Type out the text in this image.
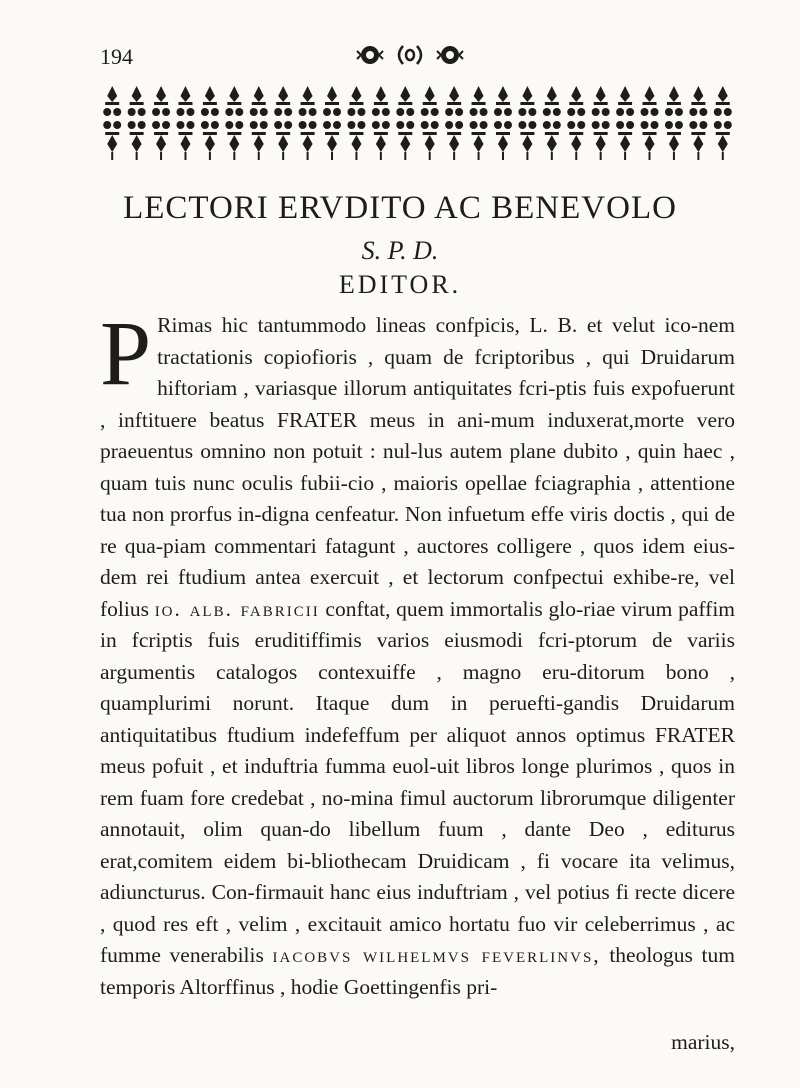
194
LECTORI ERVDITO AC BENEVOLO
S. P. D.
EDITOR.

P Rimas hic tantummodo lineas confpicis, L. B. et velut ico-nem tractationis copiofioris , quam de fcriptoribus , qui Druidarum hiftoriam , variasque illorum antiquitates fcri-ptis fuis expofuerunt , inftituere beatus FRATER meus in ani-mum induxerat,morte vero praeuentus omnino non potuit : nul-lus autem plane dubito , quin haec , quam tuis nunc oculis fubii-cio , maioris opellae fciagraphia , attentione tua non prorfus in-digna cenfeatur. Non infuetum effe viris doctis , qui de re qua-piam commentari fatagunt , auctores colligere , quos idem eius-dem rei ftudium antea exercuit , et lectorum confpectui exhibe-re, vel folius io. alb. fabricii conftat, quem immortalis glo-riae virum paffim in fcriptis fuis eruditiffimis varios eiusmodi fcri-ptorum de variis argumentis catalogos contexuiffe , magno eru-ditorum bono , quamplurimi norunt. Itaque dum in peruefti-gandis Druidarum antiquitatibus ftudium indefeffum per aliquot annos optimus FRATER meus pofuit , et induftria fumma euol-uit libros longe plurimos , quos in rem fuam fore credebat , no-mina fimul auctorum librorumque diligenter annotauit, olim quan-do libellum fuum , dante Deo , editurus erat,comitem eidem bi-bliothecam Druidicam , fi vocare ita velimus, adiuncturus. Con-firmauit hanc eius induftriam , vel potius fi recte dicere , quod res eft , velim , excitauit amico hortatu fuo vir celeberrimus , ac fumme venerabilis iacobvs wilhelmvs feverlinvs, theologus tum temporis Altorffinus , hodie Goettingenfis pri-

marius,
